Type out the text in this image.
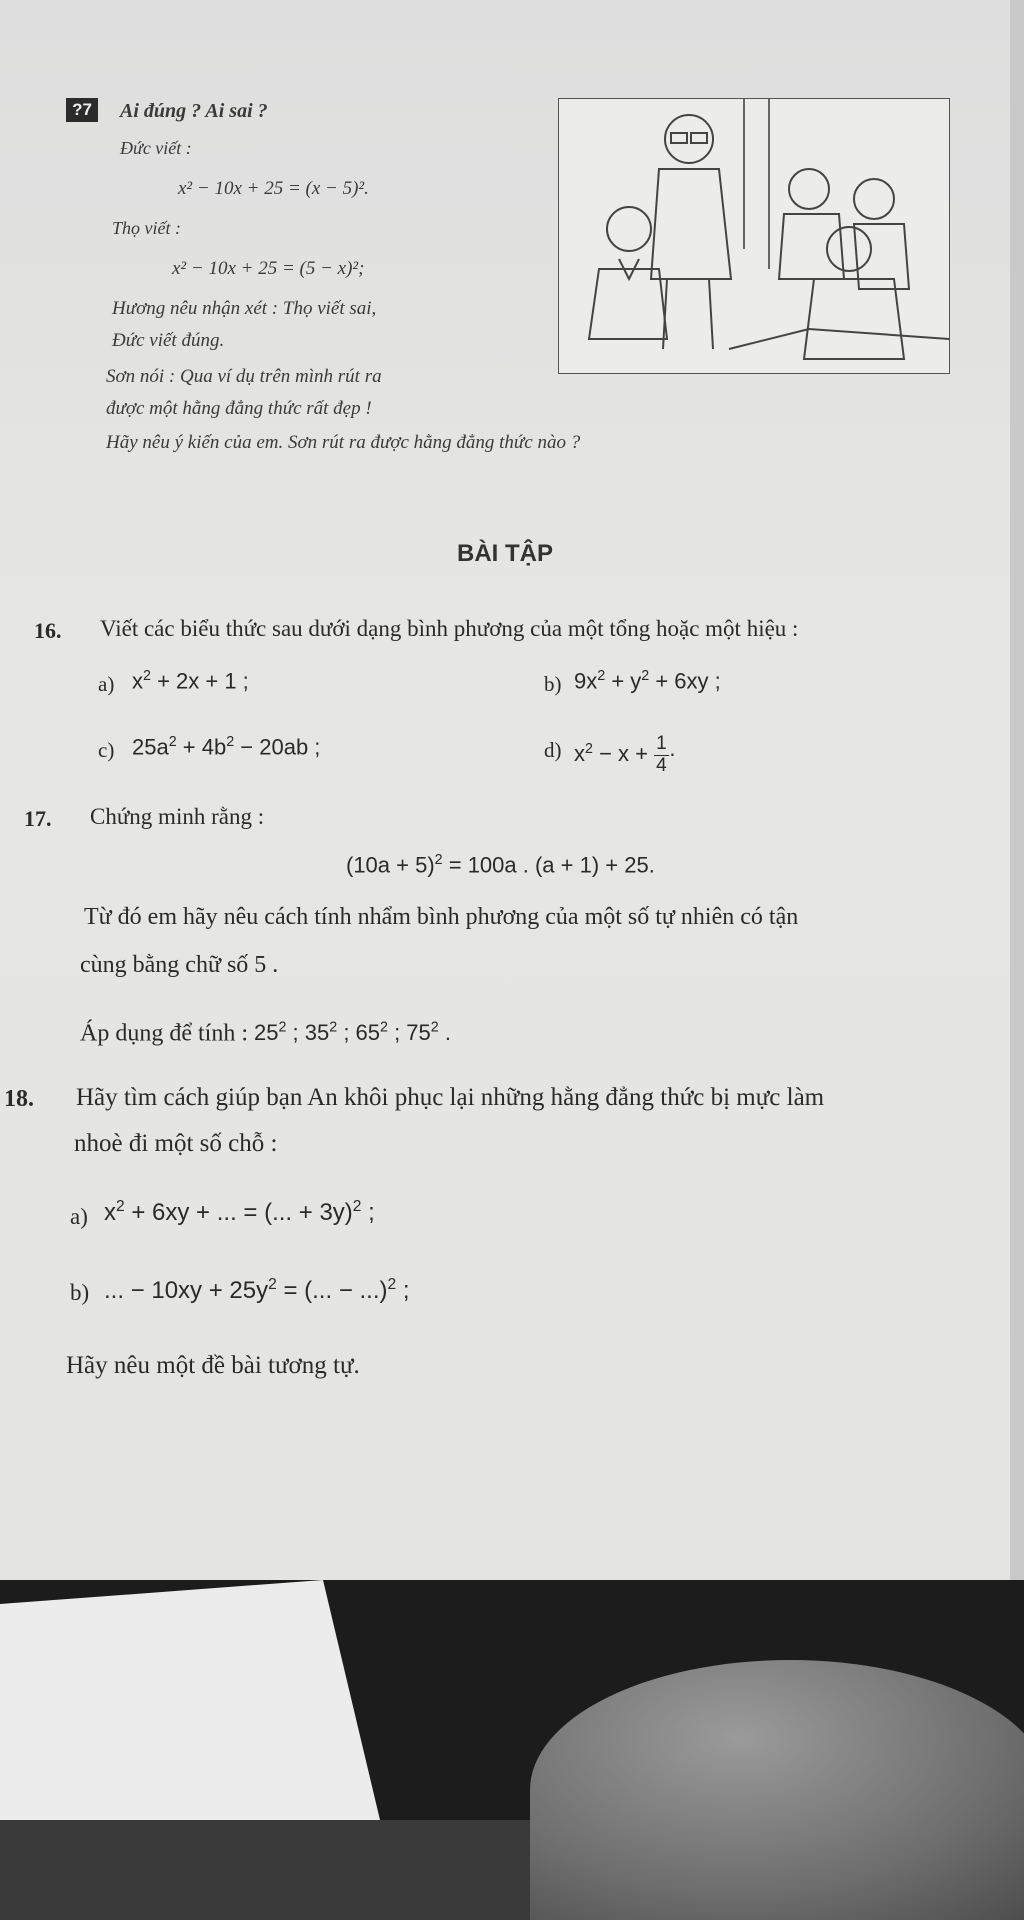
?7	Ai đúng ? Ai sai ?
Đức viết :
x² − 10x + 25 = (x − 5)².
Thọ viết :
x² − 10x + 25 = (5 − x)²;
Hương nêu nhận xét : Thọ viết sai,
Đức viết đúng.
Sơn nói : Qua ví dụ trên mình rút ra
được một hằng đẳng thức rất đẹp !
Hãy nêu ý kiến của em. Sơn rút ra được hằng đẳng thức nào ?
BÀI TẬP
16. Viết các biểu thức sau dưới dạng bình phương của một tổng hoặc một hiệu :
a) $x^2 + 2x + 1$ ;	b) $9x^2 + y^2 + 6xy$ ;
c) $25a^2 + 4b^2 - 20ab$ ;	d) $x^2 - x + \frac{1}{4}$ ·
17. Chứng minh rằng :
$(10a + 5)^2 = 100a$ . (a + 1) + 25.
Từ đó em hãy nêu cách tính nhẩm bình phương của một số tự nhiên có tận
cùng bằng chữ số 5 .
Áp dụng để tính : $25^2$ ; $35^2$ ; $65^2$ ; $75^2$ .
18. Hãy tìm cách giúp bạn An khôi phục lại những hằng đẳng thức bị mực làm
nhoè đi một số chỗ :
a) $x^2 + 6xy$ + ... = (... + 3y)$^2$ ;
b) ... − $10xy + 25y^2$ = (... − ...)$^2$ ;
Hãy nêu một đề bài tương tự.
